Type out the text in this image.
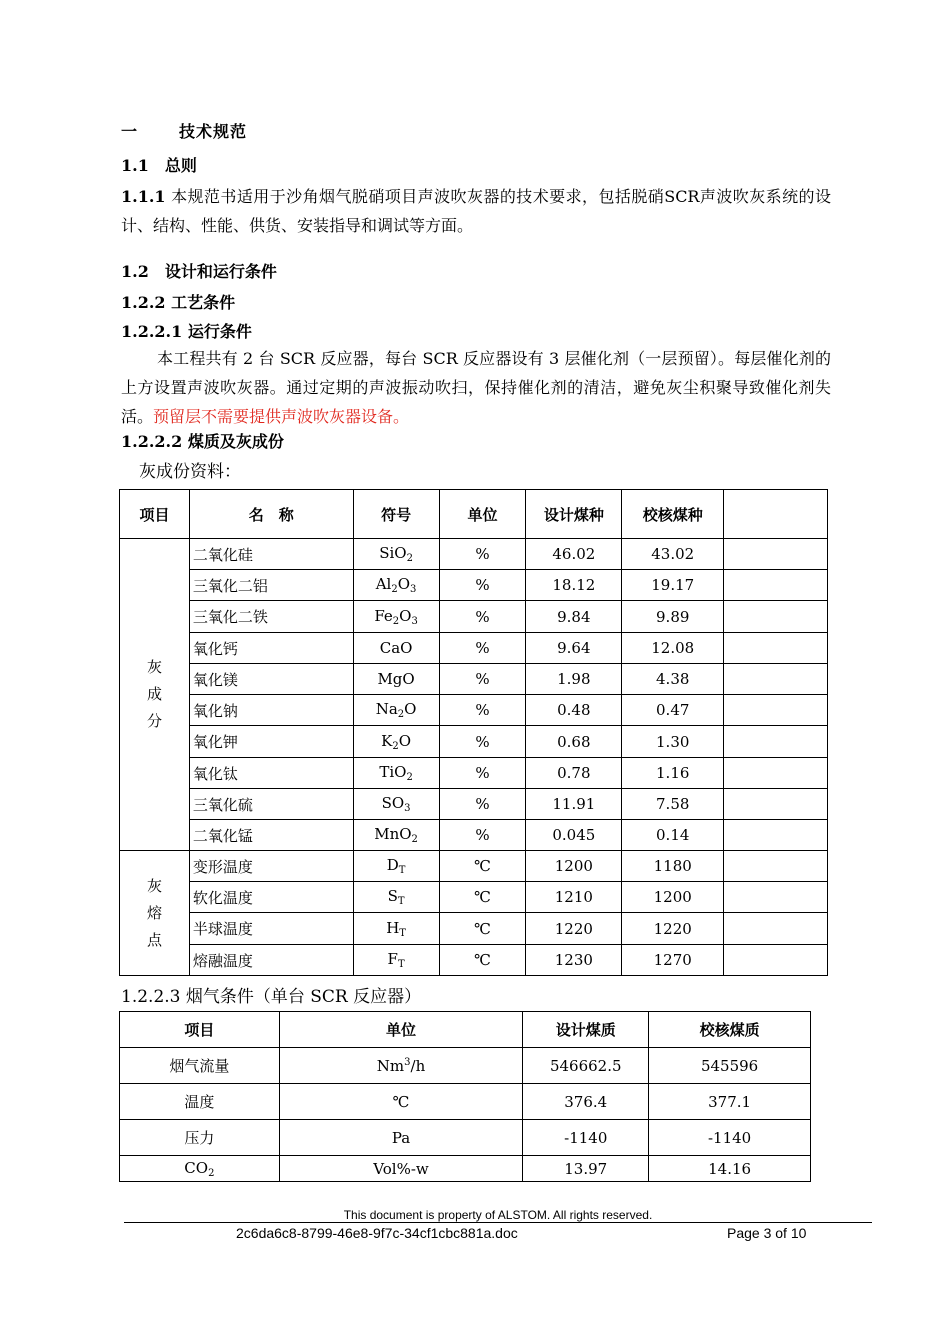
一	技术规范
1.1　总则
1.1.1 本规范书适用于沙角烟气脱硝项目声波吹灰器的技术要求，包括脱硝SCR声波吹灰系统的设计、结构、性能、供货、安装指导和调试等方面。
1.2　设计和运行条件
1.2.2 工艺条件
1.2.2.1 运行条件
本工程共有 2 台 SCR 反应器，每台 SCR 反应器设有 3 层催化剂（一层预留）。每层催化剂的上方设置声波吹灰器。通过定期的声波振动吹扫，保持催化剂的清洁，避免灰尘积聚导致催化剂失活。预留层不需要提供声波吹灰器设备。
1.2.2.2 煤质及灰成份
灰成份资料：
项目	名　称	符号	单位	设计煤种	校核煤种	
灰
成
分	二氧化硅	SiO$_2$	%	46.02	43.02	
	三氧化二铝	$Al_2O_3$	%	18.12	19.17	
	三氧化二铁	$Fe_2O_3$	%	9.84	9.89	
	氧化钙	CaO	%	9.64	12.08	
	氧化镁	MgO	%	1.98	4.38	
	氧化钠	$Na_2O$	%	0.48	0.47	
	氧化钾	$K_2O$	%	0.68	1.30	
	氧化钛	TiO$_2$	%	0.78	1.16	
	三氧化硫	$SO_3$	%	11.91	7.58	
	二氧化锰	MnO$_2$	%	0.045	0.14	
灰
熔
点	变形温度	$D_T$	℃	1200	1180	
	软化温度	$S_T$	℃	1210	1200	
	半球温度	$H_T$	℃	1220	1220	
	熔融温度	$F_T$	℃	1230	1270	
1.2.2.3 烟气条件（单台 SCR 反应器）
项目	单位	设计煤质	校核煤质
烟气流量	Nm$^3$/h	546662.5	545596
温度	℃	376.4	377.1
压力	Pa	-1140	-1140
$CO_2$	Vol%-w	13.97	14.16
This document is property of ALSTOM. All rights reserved.
2c6da6c8-8799-46e8-9f7c-34cf1cbc881a.doc	Page 3 of 10
